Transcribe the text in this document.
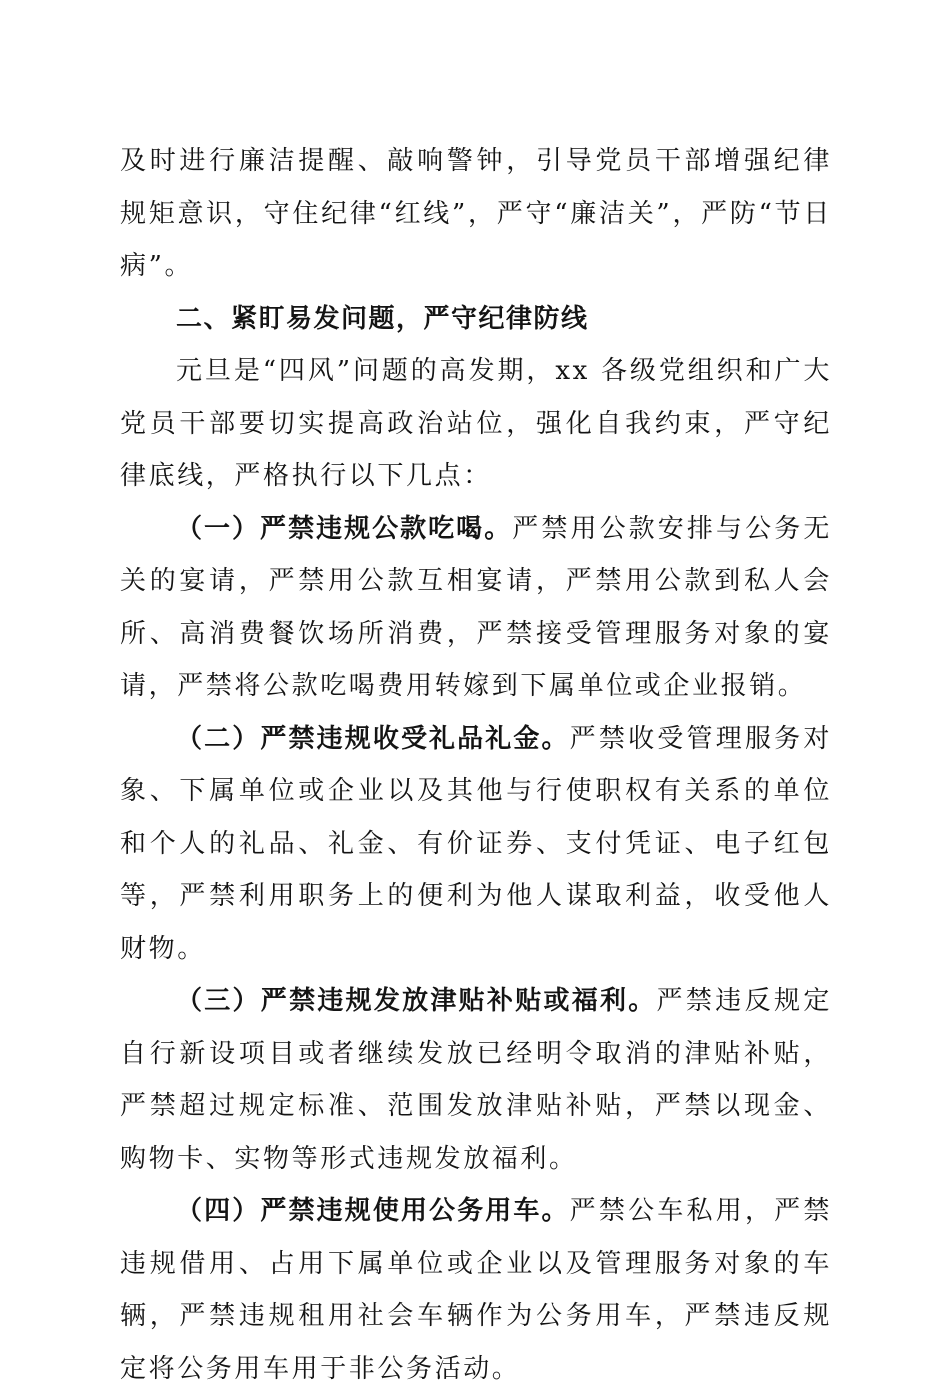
及时进行廉洁提醒、敲响警钟，引导党员干部增强纪律规矩意识，守住纪律“红线”，严守“廉洁关”，严防“节日病”。

二、紧盯易发问题，严守纪律防线

元旦是“四风”问题的高发期，xx 各级党组织和广大党员干部要切实提高政治站位，强化自我约束，严守纪律底线，严格执行以下几点：

（一）严禁违规公款吃喝。严禁用公款安排与公务无关的宴请，严禁用公款互相宴请，严禁用公款到私人会所、高消费餐饮场所消费，严禁接受管理服务对象的宴请，严禁将公款吃喝费用转嫁到下属单位或企业报销。

（二）严禁违规收受礼品礼金。严禁收受管理服务对象、下属单位或企业以及其他与行使职权有关系的单位和个人的礼品、礼金、有价证券、支付凭证、电子红包等，严禁利用职务上的便利为他人谋取利益，收受他人财物。

（三）严禁违规发放津贴补贴或福利。严禁违反规定自行新设项目或者继续发放已经明令取消的津贴补贴，严禁超过规定标准、范围发放津贴补贴，严禁以现金、购物卡、实物等形式违规发放福利。

（四）严禁违规使用公务用车。严禁公车私用，严禁违规借用、占用下属单位或企业以及管理服务对象的车辆，严禁违规租用社会车辆作为公务用车，严禁违反规定将公务用车用于非公务活动。
